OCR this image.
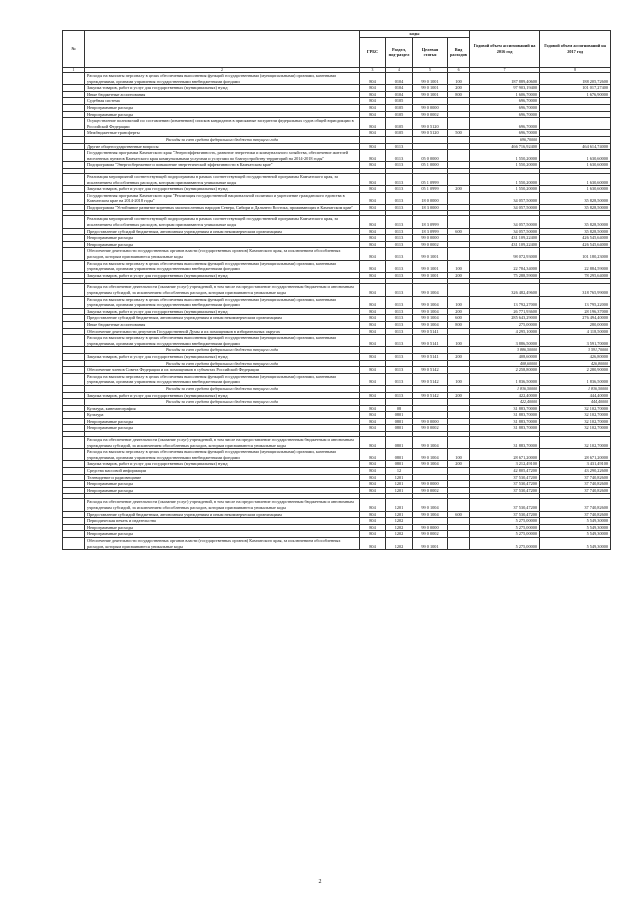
№		коды				Годовой объем ассигнований на 2016 год	Годовой объем ассигнований на 2017 год
		ГРБС	Раздел, под-раздел	Целевая статья	Вид расходов		
1	2	3	4	5	6	7	8
	Расходы на выплаты персоналу в целях обеспечения выполнения функций государственными (муниципальными) органами, казенными учреждениями, органами управления государственными внебюджетными фондами	804	0104	99 0 1001	100	187 889,40600	188 205,72600
	Закупка товаров, работ и услуг для государственных (муниципальных) нужд	804	0104	99 0 1001	200	97 903,19400	101 017,27400
	Иные бюджетные ассигнования	804	0104	99 0 1001	800	1 606,70000	1 676,90000
	Судебная система	804	0105			696,70000	
	Непрограммные расходы	804	0105	99 0 0000		696,70000	
	Непрограммные расходы	804	0105	99 0 0002		696,70000	
	Осуществление полномочий по составлению (изменению) списков кандидатов в присяжные заседатели федеральных судов общей юрисдикции в Российской Федерации	804	0105	99 0 5120		696,70000	
	Межбюджетные трансферты	804	0105	99 0 5120	500	696,70000	
	Расходы за счет средств федерального бюджета текущего года					696,70000	
	Другие общегосударственные вопросы	804	0113			466 716,92400	464 614,74000
	Государственная программа Камчатского края "Энергоэффективность, развитие энергетики и коммунального хозяйства, обеспечение жителей населенных пунктов Камчатского края коммунальными услугами и услугами по благоустройству территорий на 2014-2018 годы"	804	0113	05 0 0000		1 550,20000	1 630,60000
	Подпрограмма "Энергосбережение и повышение энергетической эффективности в Камчатском крае"	804	0113	05 1 0000		1 550,20000	1 630,60000

	Реализация мероприятий соответствующей подпрограммы в рамках соответствующей государственной программы Камчатского края, за исключением обособленных расходов, которым присваиваются уникальные коды	804	0113	05 1 0999		1 550,20000	1 630,60000
	Закупка товаров, работ и услуг для государственных (муниципальных) нужд	804	0113	05 1 0999	200	1 550,20000	1 630,60000
	Государственная программа Камчатского края "Реализация государственной национальной политики и укрепление гражданского единства в Камчатском крае на 2014-2018 годы"	804	0113	18 0 0000		34 057,50000	35 828,50000
	Подпрограмма "Устойчивое развитие коренных малочисленных народов Севера, Сибири и Дальнего Востока, проживающих в Камчатском крае"	804	0113	18 3 0000		34 057,50000	35 828,50000

	Реализация мероприятий соответствующей подпрограммы в рамках соответствующей государственной программы Камчатского края, за исключением обособленных расходов, которым присваиваются уникальные коды	804	0113	18 3 0999		34 057,50000	35 828,50000
	Предоставление субсидий бюджетным, автономным учреждениям и иным некоммерческим организациям	804	0113	18 3 0999	600	34 057,50000	35 828,50000
	Непрограммные расходы	804	0113	99 0 0000		431 109,22400	426 545,64000
	Непрограммные расходы	804	0113	99 0 0002		431 109,22400	426 545,64000
	Обеспечение деятельности государственных органов власти (государственных органов) Камчатского края, за исключением обособленных расходов, которым присваиваются уникальные коды	804	0113	99 0 1001		98 072,93000	101 180,23000
	Расходы на выплаты персоналу в целях обеспечения выполнения функций государственными (муниципальными) органами, казенными учреждениями, органами управления государственными внебюджетными фондами	804	0113	99 0 1001	100	22 784,34000	22 884,59000
	Закупка товаров, работ и услуг для государственных (муниципальных) нужд	804	0113	99 0 1001	200	75 288,59000	78 295,64000

	Расходы на обеспечение деятельности (оказание услуг) учреждений, в том числе на предоставление государственным бюджетным и автономным учреждениям субсидий, за исключением обособленных расходов, которым присваиваются уникальные коды	804	0113	99 0 1004		326 482,49600	318 765,99000
	Расходы на выплаты персоналу в целях обеспечения выполнения функций государственными (муниципальными) органами, казенными учреждениями, органами управления государственными внебюджетными фондами	804	0113	99 0 1004	100	13 792,27000	13 795,22000
	Закупка товаров, работ и услуг для государственных (муниципальных) нужд	804	0113	99 0 1004	200	26 771,93600	28 196,37000
	Предоставление субсидий бюджетным, автономным учреждениям и иным некоммерческим организациям	804	0113	99 0 1004	600	285 643,29000	276 494,40000
	Иные бюджетные ассигнования	804	0113	99 0 1004	800	275,00000	280,00000
	Обеспечение деятельности депутатов Государственной Думы и их помощников в избирательных округах	804	0113	99 0 5141		4 295,10000	4 118,50000
	Расходы на выплаты персоналу в целях обеспечения выполнения функций государственными (муниципальными) органами, казенными учреждениями, органами управления государственными внебюджетными фондами	804	0113	99 0 5141	100	3 886,50000	3 591,70000
	Расходы за счет средств федерального бюджета текущего года					3 886,50000	3 591,70000
	Закупка товаров, работ и услуг для государственных (муниципальных) нужд	804	0113	99 0 5141	200	408,60000	426,80000
	Расходы за счет средств федерального бюджета текущего года					408,60000	426,80000
	Обеспечение членов Совета Федерации и их помощников в субъектах Российской Федерации	804	0113	99 0 5142		2 258,80000	2 280,90000
	Расходы на выплаты персоналу в целях обеспечения выполнения функций государственными (муниципальными) органами, казенными учреждениями, органами управления государственными внебюджетными фондами	804	0113	99 0 5142	100	1 836,50000	1 836,50000
	Расходы за счет средств федерального бюджета текущего года					1 836,50000	1 836,50000
	Закупка товаров, работ и услуг для государственных (муниципальных) нужд	804	0113	99 0 5142	200	422,40000	444,40000
	Расходы за счет средств федерального бюджета текущего года					422,40000	444,40000
	Культура, кинематография	804	08			31 883,70000	32 102,70000
	Культура	804	0801			31 883,70000	32 102,70000
	Непрограммные расходы	804	0801	99 0 0000		31 883,70000	32 102,70000
	Непрограммные расходы	804	0801	99 0 0002		31 883,70000	32 102,70000

	Расходы на обеспечение деятельности (оказание услуг) учреждений, в том числе на предоставление государственным бюджетным и автономным учреждениям субсидий, за исключением обособленных расходов, которым присваиваются уникальные коды	804	0801	99 0 1004		31 883,70000	32 102,70000
	Расходы на выплаты персоналу в целях обеспечения выполнения функций государственными (муниципальными) органами, казенными учреждениями, органами управления государственными внебюджетными фондами	804	0801	99 0 1004	100	28 671,20000	28 671,20000
	Закупка товаров, работ и услуг для государственных (муниципальных) нужд	804	0801	99 0 1004	200	3 212,49100	3 431,49100
	Средства массовой информации	804	12			42 805,47200	43 290,22600
	Телевидение и радиовещание	804	1201			37 530,47200	37 740,82600
	Непрограммные расходы	804	1201	99 0 0000		37 530,47200	37 740,82600
	Непрограммные расходы	804	1201	99 0 0002		37 530,47200	37 740,82600

	Расходы на обеспечение деятельности (оказание услуг) учреждений, в том числе на предоставление государственным бюджетным и автономным учреждениям субсидий, за исключением обособленных расходов, которым присваиваются уникальные коды	804	1201	99 0 1004		37 530,47200	37 740,82600
	Предоставление субсидий бюджетным, автономным учреждениям и иным некоммерческим организациям	804	1201	99 0 1004	600	37 530,47200	37 740,82600
	Периодическая печать и издательства	804	1202			5 275,00000	5 549,30000
	Непрограммные расходы	804	1202	99 0 0000		5 275,00000	5 549,30000
	Непрограммные расходы	804	1202	99 0 0002		5 275,00000	5 549,30000
	Обеспечение деятельности государственных органов власти (государственных органов) Камчатского края, за исключением обособленных расходов, которым присваиваются уникальные коды	804	1202	99 0 1001		5 275,00000	5 549,30000
2
